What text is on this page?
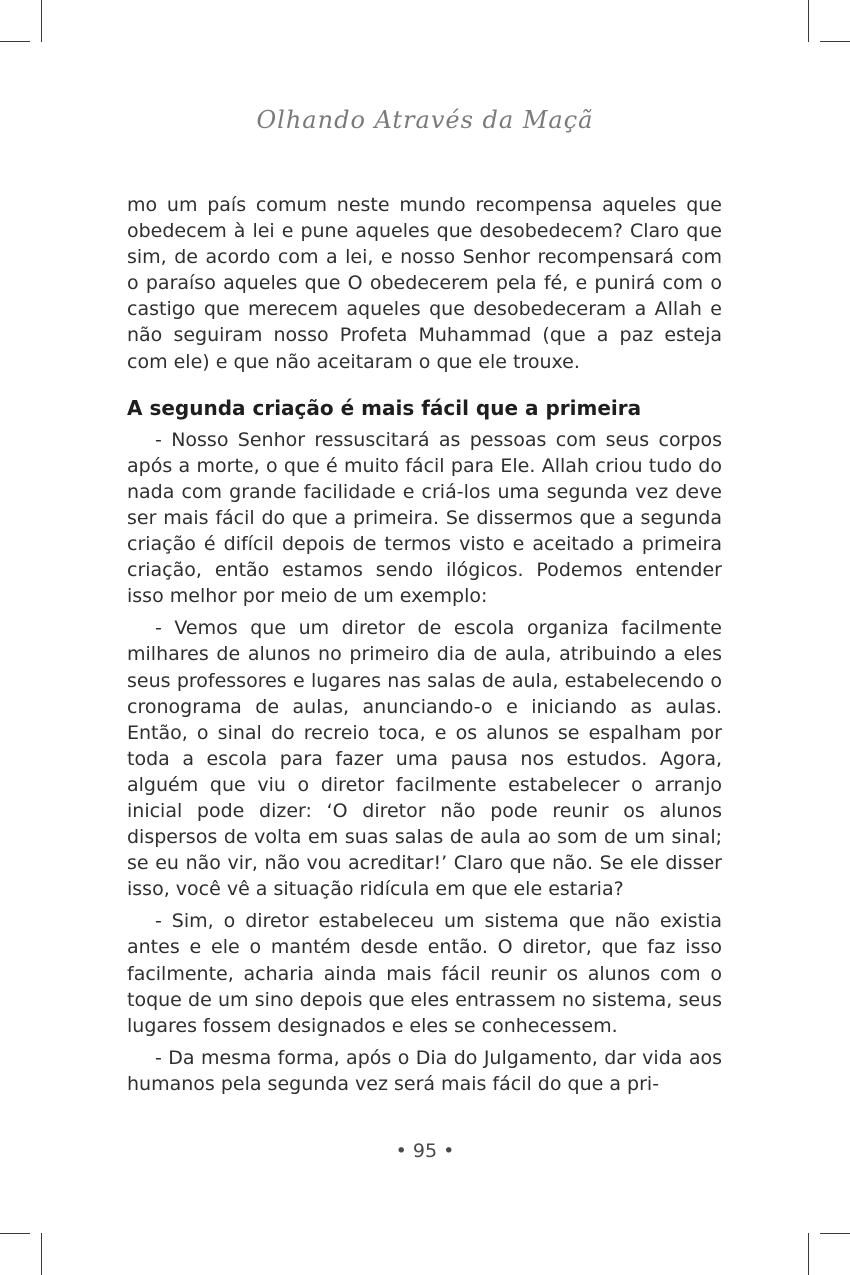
Olhando Através da Maçã

mo um país comum neste mundo recompensa aqueles que obedecem à lei e pune aqueles que desobedecem? Claro que sim, de acordo com a lei, e nosso Senhor recompensará com o paraíso aqueles que O obedecerem pela fé, e punirá com o castigo que merecem aqueles que desobedeceram a Allah e não seguiram nosso Profeta Muhammad (que a paz esteja com ele) e que não aceitaram o que ele trouxe.

A segunda criação é mais fácil que a primeira

- Nosso Senhor ressuscitará as pessoas com seus corpos após a morte, o que é muito fácil para Ele. Allah criou tudo do nada com grande facilidade e criá-los uma segunda vez deve ser mais fácil do que a primeira. Se dissermos que a segunda criação é difícil depois de termos visto e aceitado a primeira criação, então estamos sendo ilógicos. Podemos entender isso melhor por meio de um exemplo:

- Vemos que um diretor de escola organiza facilmente milhares de alunos no primeiro dia de aula, atribuindo a eles seus professores e lugares nas salas de aula, estabelecendo o cronograma de aulas, anunciando-o e iniciando as aulas. Então, o sinal do recreio toca, e os alunos se espalham por toda a escola para fazer uma pausa nos estudos. Agora, alguém que viu o diretor facilmente estabelecer o arranjo inicial pode dizer: ‘O diretor não pode reunir os alunos dispersos de volta em suas salas de aula ao som de um sinal; se eu não vir, não vou acreditar!’ Claro que não. Se ele disser isso, você vê a situação ridícula em que ele estaria?

- Sim, o diretor estabeleceu um sistema que não existia antes e ele o mantém desde então. O diretor, que faz isso facilmente, acharia ainda mais fácil reunir os alunos com o toque de um sino depois que eles entrassem no sistema, seus lugares fossem designados e eles se conhecessem.

- Da mesma forma, após o Dia do Julgamento, dar vida aos humanos pela segunda vez será mais fácil do que a pri-

• 95 •
